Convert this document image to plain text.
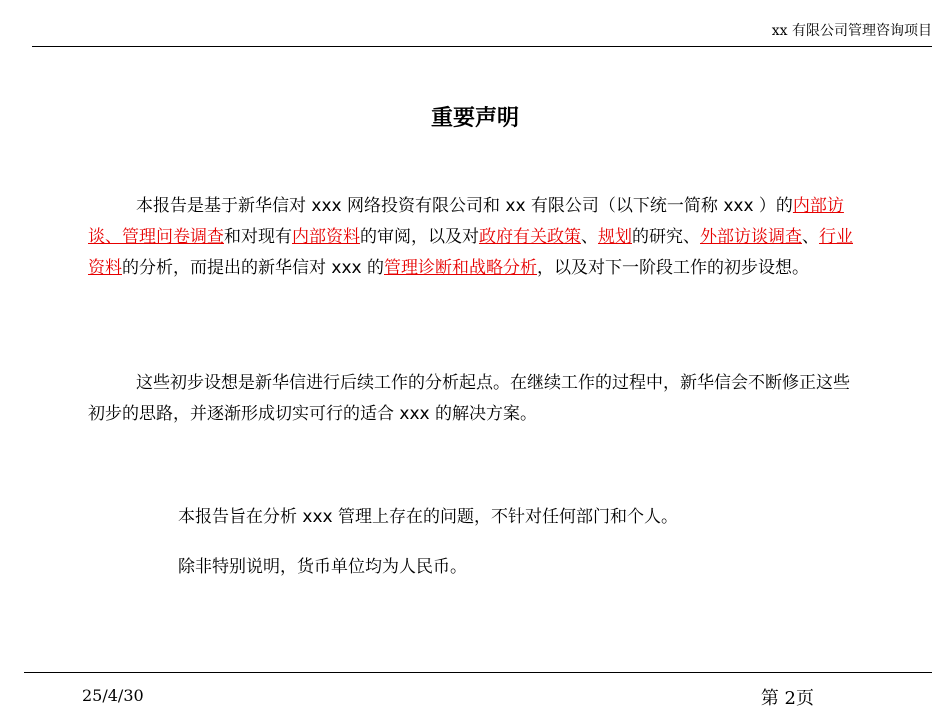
xx 有限公司管理咨询项目
重要声明

本报告是基于新华信对 xxx 网络投资有限公司和 xx 有限公司（以下统一简称 xxx ）的内部访谈、管理问卷调查和对现有内部资料的审阅，以及对政府有关政策、规划的研究、外部访谈调查、行业资料的分析，而提出的新华信对 xxx 的管理诊断和战略分析，以及对下一阶段工作的初步设想。

这些初步设想是新华信进行后续工作的分析起点。在继续工作的过程中，新华信会不断修正这些初步的思路，并逐渐形成切实可行的适合 xxx 的解决方案。

本报告旨在分析 xxx 管理上存在的问题，不针对任何部门和个人。

除非特别说明，货币单位均为人民币。

25/4/30	第 2页
